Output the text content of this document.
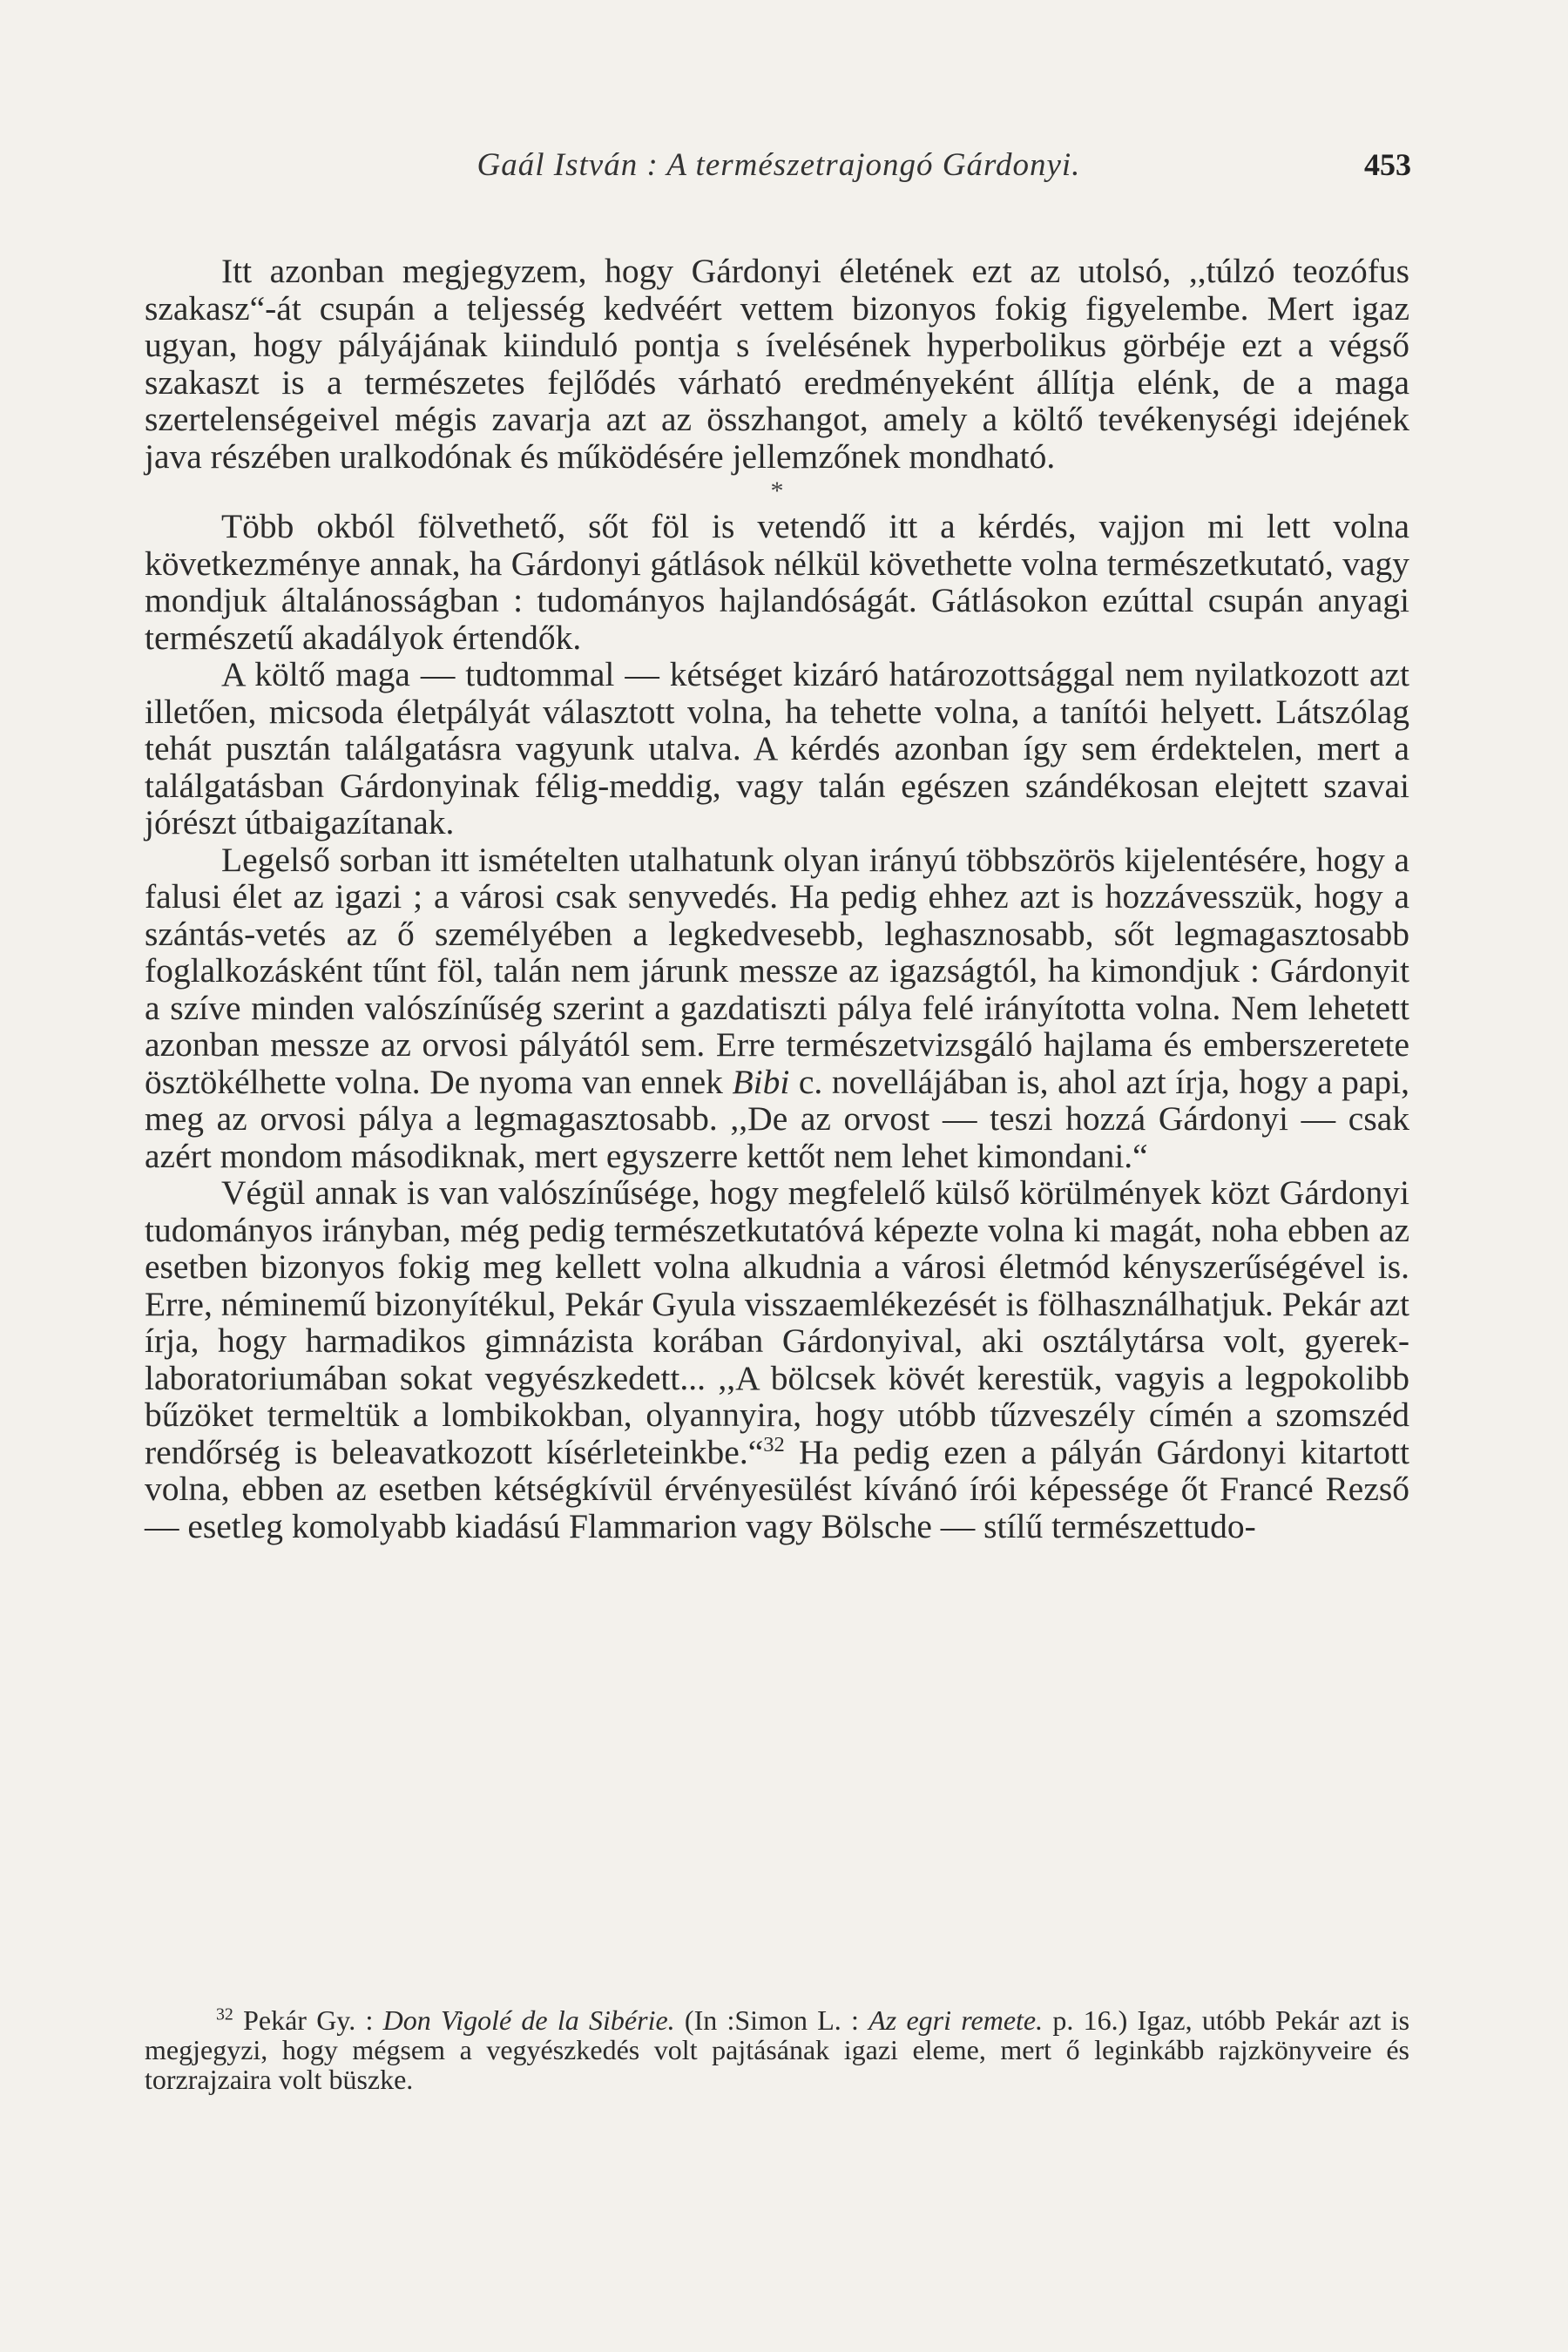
Gaál István : A természetrajongó Gárdonyi.	453

Itt azonban megjegyzem, hogy Gárdonyi életének ezt az utolsó, ,,túlzó teozófus szakasz“-át csupán a teljesség kedvéért vettem bizonyos fokig figyelembe. Mert igaz ugyan, hogy pályájának kiinduló pontja s ívelésének hyperbolikus görbéje ezt a végső szakaszt is a természetes fejlődés várható eredményeként állítja elénk, de a maga szertelenségeivel mégis zavarja azt az összhangot, amely a költő tevékenységi idejének java részében uralkodónak és működésére jellemzőnek mondható.

*

Több okból fölvethető, sőt föl is vetendő itt a kérdés, vajjon mi lett volna következménye annak, ha Gárdonyi gátlások nélkül követhette volna természetkutató, vagy mondjuk általánosságban : tudományos hajlandóságát. Gátlásokon ezúttal csupán anyagi természetű akadályok értendők.

A költő maga — tudtommal — kétséget kizáró határozottsággal nem nyilatkozott azt illetően, micsoda életpályát választott volna, ha tehette volna, a tanítói helyett. Látszólag tehát pusztán találgatásra vagyunk utalva. A kérdés azonban így sem érdektelen, mert a találgatásban Gárdonyinak félig-meddig, vagy talán egészen szándékosan elejtett szavai jórészt útbaigazítanak.

Legelső sorban itt ismételten utalhatunk olyan irányú többszörös kijelentésére, hogy a falusi élet az igazi ; a városi csak senyvedés. Ha pedig ehhez azt is hozzávesszük, hogy a szántás-vetés az ő személyében a legkedvesebb, leghasznosabb, sőt legmagasztosabb foglalkozásként tűnt föl, talán nem járunk messze az igazságtól, ha kimondjuk : Gárdonyit a szíve minden valószínűség szerint a gazdatiszti pálya felé irányította volna. Nem lehetett azonban messze az orvosi pályától sem. Erre természetvizsgáló hajlama és emberszeretete ösztökélhette volna. De nyoma van ennek Bibi c. novellájában is, ahol azt írja, hogy a papi, meg az orvosi pálya a legmagasztosabb. ,,De az orvost — teszi hozzá Gárdonyi — csak azért mondom másodiknak, mert egyszerre kettőt nem lehet kimondani.“

Végül annak is van valószínűsége, hogy megfelelő külső körülmények közt Gárdonyi tudományos irányban, még pedig természetkutatóvá képezte volna ki magát, noha ebben az esetben bizonyos fokig meg kellett volna alkudnia a városi életmód kényszerűségével is. Erre, néminemű bizonyítékul, Pekár Gyula visszaemlékezését is fölhasználhatjuk. Pekár azt írja, hogy harmadikos gimnázista korában Gárdonyival, aki osztálytársa volt, gyerek-laboratoriumában sokat vegyészkedett... ,,A bölcsek kövét kerestük, vagyis a legpokolibb bűzöket termeltük a lombikokban, olyannyira, hogy utóbb tűzveszély címén a szomszéd rendőrség is beleavatkozott kísérleteinkbe.“$^{32}$ Ha pedig ezen a pályán Gárdonyi kitartott volna, ebben az esetben kétségkívül érvényesülést kívánó írói képessége őt Francé Rezső — esetleg komolyabb kiadású Flammarion vagy Bölsche — stílű természettudo-

$^{32}$ Pekár Gy. : Don Vigolé de la Sibérie. (In :Simon L. : Az egri remete. p. 16.) Igaz, utóbb Pekár azt is megjegyzi, hogy mégsem a vegyészkedés volt pajtásának igazi eleme, mert ő leginkább rajzkönyveire és torzrajzaira volt büszke.
